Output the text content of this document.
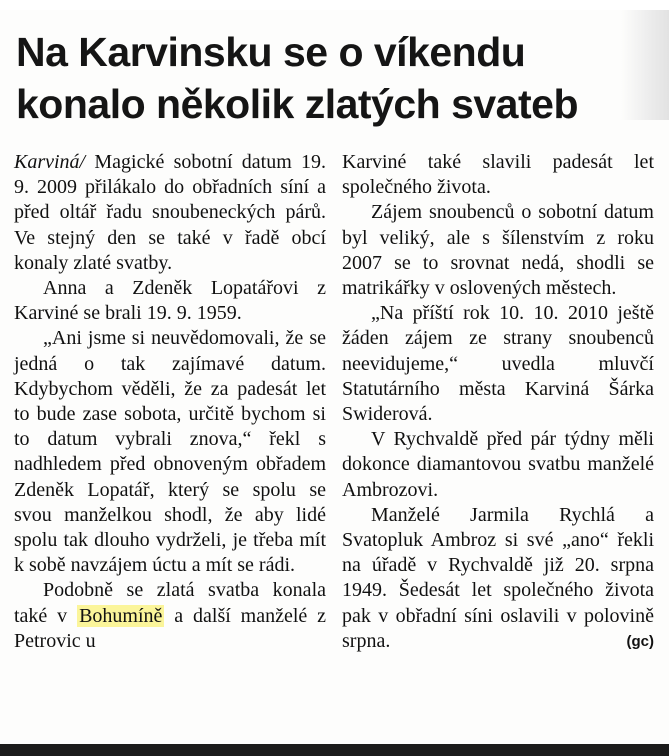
Na Karvinsku se o víkendu konalo několik zlatých svateb

Karviná/ Magické sobotní datum 19. 9. 2009 přilákalo do obřadních síní a před oltář řadu snoubeneckých párů. Ve stejný den se také v řadě obcí konaly zlaté svatby.

Anna a Zdeněk Lopatářovi z Karviné se brali 19. 9. 1959.

„Ani jsme si neuvědomovali, že se jedná o tak zajímavé datum. Kdybychom věděli, že za padesát let to bude zase sobota, určitě bychom si to datum vybrali znova,“ řekl s nadhledem před obnoveným obřadem Zdeněk Lopatář, který se spolu se svou manželkou shodl, že aby lidé spolu tak dlouho vydrželi, je třeba mít k sobě navzájem úctu a mít se rádi.

Podobně se zlatá svatba konala také v Bohumíně a další manželé z Petrovic u

Karviné také slavili padesát let společného života.

Zájem snoubenců o sobotní datum byl veliký, ale s šílenstvím z roku 2007 se to srovnat nedá, shodli se matrikářky v oslovených městech.

„Na příští rok 10. 10. 2010 ještě žáden zájem ze strany snoubenců neevidujeme,“ uvedla mluvčí Statutárního města Karviná Šárka Swiderová.

V Rychvaldě před pár týdny měli dokonce diamantovou svatbu manželé Ambrozovi.

Manželé Jarmila Rychlá a Svatopluk Ambroz si své „ano“ řekli na úřadě v Rychvaldě již 20. srpna 1949. Šedesát let společného života pak v obřadní síni oslavili v polovině srpna.	(gc)
